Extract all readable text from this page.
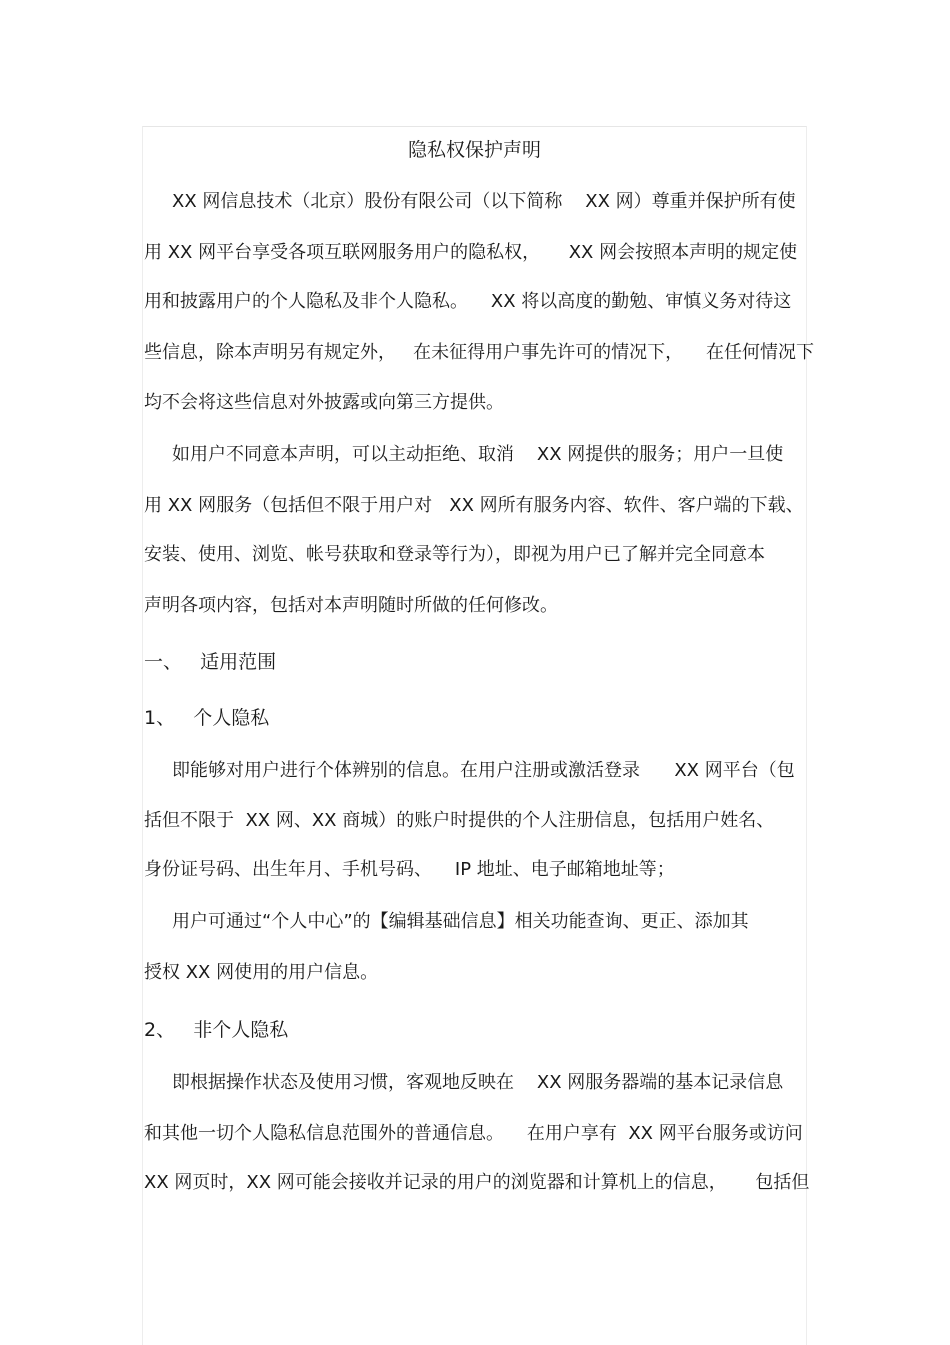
隐私权保护声明
XX 网信息技术（北京）股份有限公司（以下简称    XX 网）尊重并保护所有使
用 XX 网平台享受各项互联网服务用户的隐私权，     XX 网会按照本声明的规定使
用和披露用户的个人隐私及非个人隐私。    XX 将以高度的勤勉、审慎义务对待这
些信息，除本声明另有规定外，   在未征得用户事先许可的情况下，    在任何情况下
均不会将这些信息对外披露或向第三方提供。
如用户不同意本声明，可以主动拒绝、取消    XX 网提供的服务；用户一旦使
用 XX 网服务（包括但不限于用户对   XX 网所有服务内容、软件、客户端的下载、
安装、使用、浏览、帐号获取和登录等行为），即视为用户已了解并完全同意本
声明各项内容，包括对本声明随时所做的任何修改。
一、   适用范围
1、   个人隐私
即能够对用户进行个体辨别的信息。在用户注册或激活登录      XX 网平台（包
括但不限于  XX 网、XX 商城）的账户时提供的个人注册信息，包括用户姓名、
身份证号码、出生年月、手机号码、    IP 地址、电子邮箱地址等；
用户可通过“个人中心”的【编辑基础信息】相关功能查询、更正、添加其
授权 XX 网使用的用户信息。
2、   非个人隐私
即根据操作状态及使用习惯，客观地反映在    XX 网服务器端的基本记录信息
和其他一切个人隐私信息范围外的普通信息。    在用户享有  XX 网平台服务或访问
XX 网页时，XX 网可能会接收并记录的用户的浏览器和计算机上的信息，     包括但
